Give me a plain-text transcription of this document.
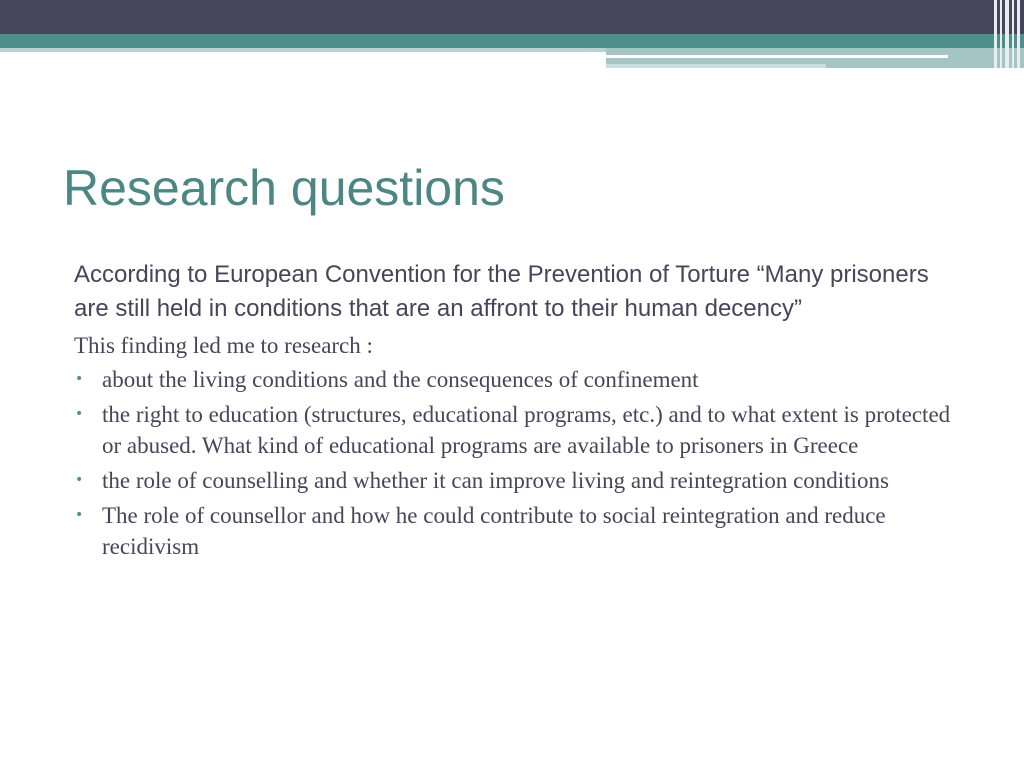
Research questions

According to European Convention for the Prevention of Torture “Many prisoners are still held in conditions that are an affront to their human decency”

This finding led me to research :

• about the living conditions and the consequences of confinement
• the right to education (structures, educational programs, etc.) and to what extent is protected or abused. What kind of educational programs are available to prisoners in Greece
• the role of counselling and whether it can improve living and reintegration conditions
• The role of counsellor and how he could contribute to social reintegration and reduce recidivism
